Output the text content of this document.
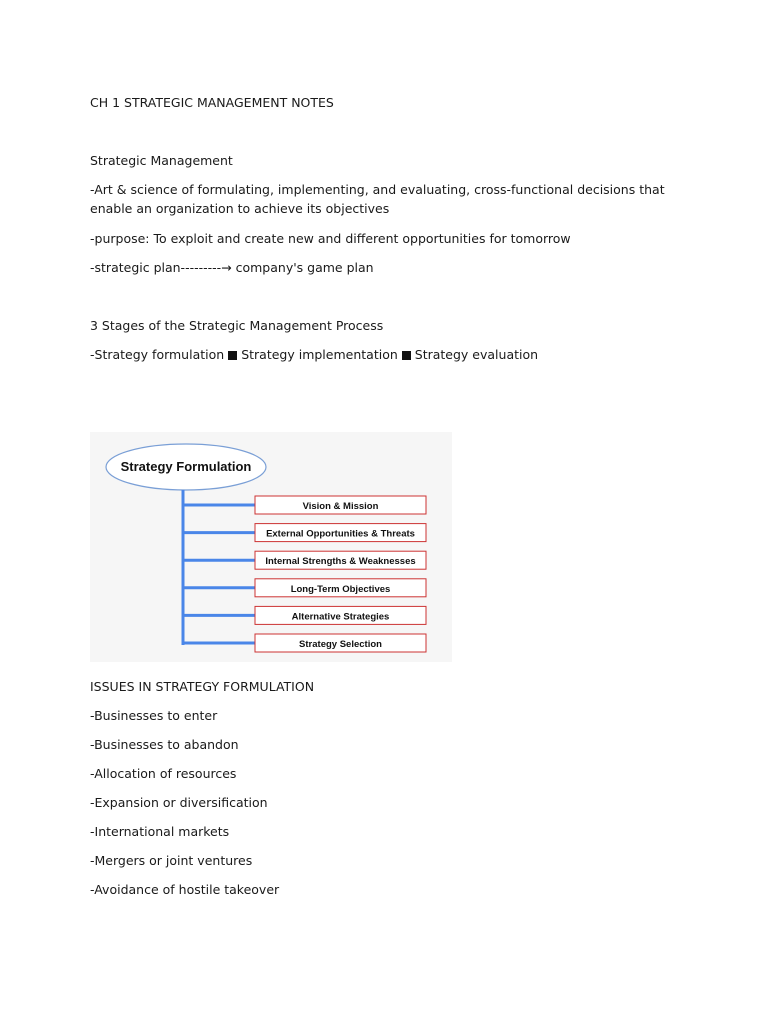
CH 1 STRATEGIC MANAGEMENT NOTES
Strategic Management
-Art & science of formulating, implementing, and evaluating, cross-functional decisions that enable an organization to achieve its objectives
-purpose: To exploit and create new and different opportunities for tomorrow
-strategic plan---------→ company's game plan
3 Stages of the Strategic Management Process
-Strategy formulation Strategy implementation Strategy evaluation
Strategy Formulation
Vision & Mission
External Opportunities & Threats
Internal Strengths & Weaknesses
Long-Term Objectives
Alternative Strategies
Strategy Selection
ISSUES IN STRATEGY FORMULATION
-Businesses to enter
-Businesses to abandon
-Allocation of resources
-Expansion or diversification
-International markets
-Mergers or joint ventures
-Avoidance of hostile takeover
